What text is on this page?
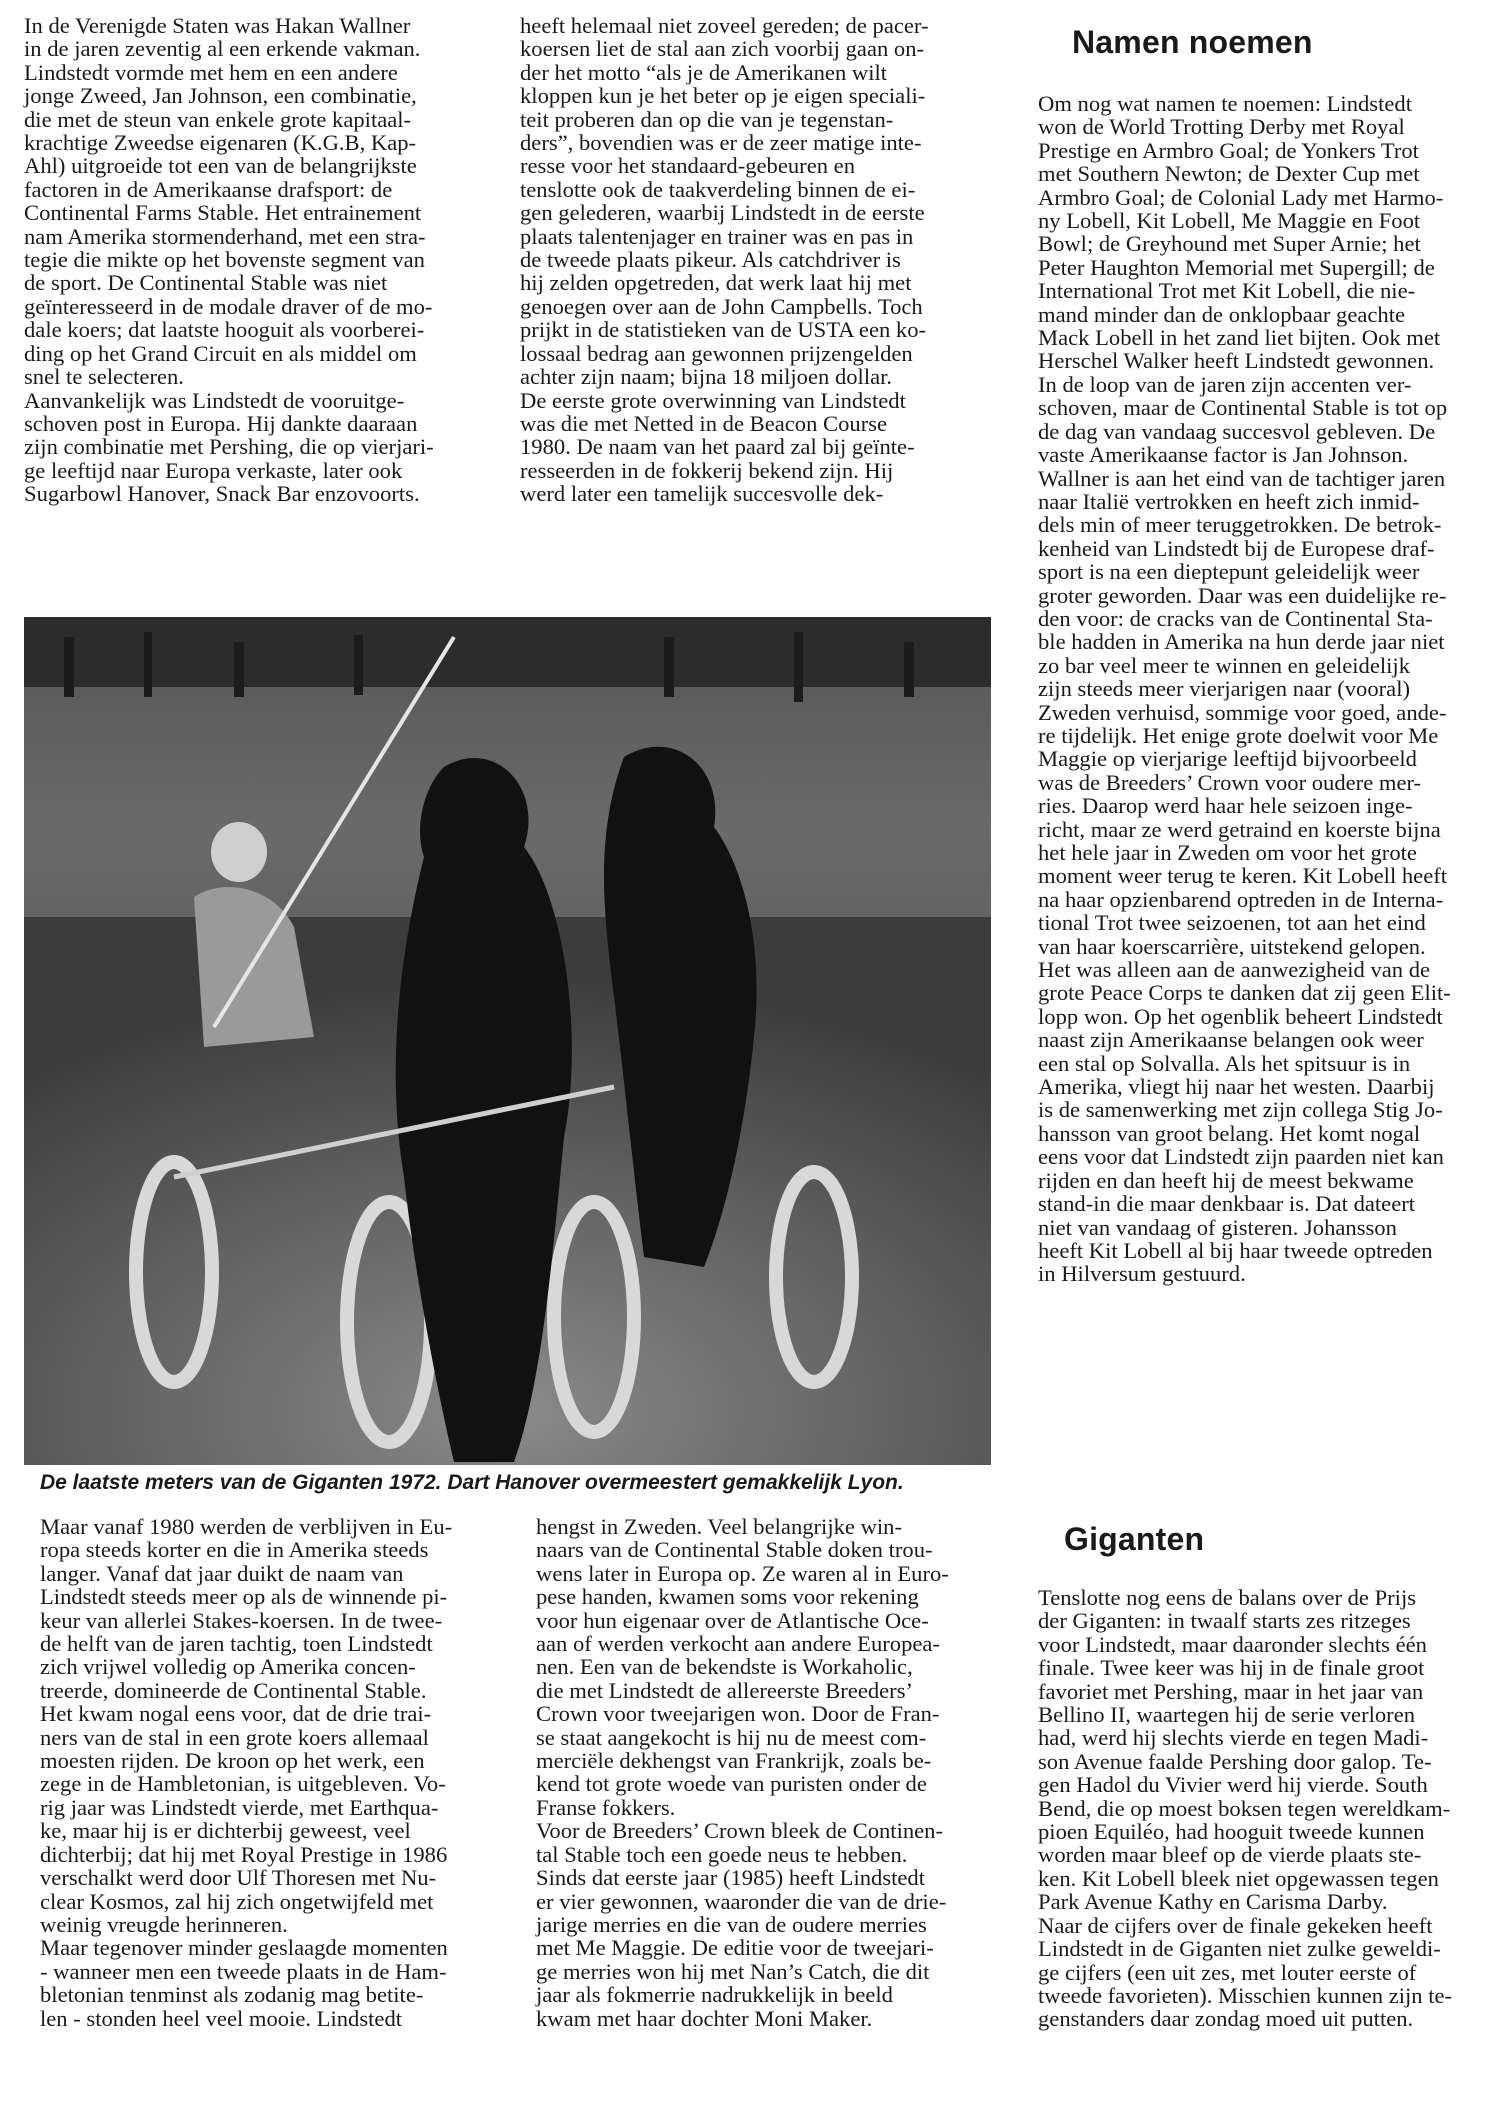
In de Verenigde Staten was Hakan Wallner

in de jaren zeventig al een erkende vakman.

Lindstedt vormde met hem en een andere

jonge Zweed, Jan Johnson, een combinatie,

die met de steun van enkele grote kapitaal-

krachtige Zweedse eigenaren (K.G.B, Kap-

Ahl) uitgroeide tot een van de belangrijkste

factoren in de Amerikaanse drafsport: de

Continental Farms Stable. Het entrainement

nam Amerika stormenderhand, met een stra-

tegie die mikte op het bovenste segment van

de sport. De Continental Stable was niet

geïnteresseerd in de modale draver of de mo-

dale koers; dat laatste hooguit als voorberei-

ding op het Grand Circuit en als middel om

snel te selecteren.

Aanvankelijk was Lindstedt de vooruitge-

schoven post in Europa. Hij dankte daaraan

zijn combinatie met Pershing, die op vierjari-

ge leeftijd naar Europa verkaste, later ook

Sugarbowl Hanover, Snack Bar enzovoorts.

heeft helemaal niet zoveel gereden; de pacer-

koersen liet de stal aan zich voorbij gaan on-

der het motto “als je de Amerikanen wilt

kloppen kun je het beter op je eigen speciali-

teit proberen dan op die van je tegenstan-

ders”, bovendien was er de zeer matige inte-

resse voor het standaard-gebeuren en

tenslotte ook de taakverdeling binnen de ei-

gen gelederen, waarbij Lindstedt in de eerste

plaats talentenjager en trainer was en pas in

de tweede plaats pikeur. Als catchdriver is

hij zelden opgetreden, dat werk laat hij met

genoegen over aan de John Campbells. Toch

prijkt in de statistieken van de USTA een ko-

lossaal bedrag aan gewonnen prijzengelden

achter zijn naam; bijna 18 miljoen dollar.

De eerste grote overwinning van Lindstedt

was die met Netted in de Beacon Course

1980. De naam van het paard zal bij geïnte-

resseerden in de fokkerij bekend zijn. Hij

werd later een tamelijk succesvolle dek-

Namen noemen

Om nog wat namen te noemen: Lindstedt

won de World Trotting Derby met Royal

Prestige en Armbro Goal; de Yonkers Trot

met Southern Newton; de Dexter Cup met

Armbro Goal; de Colonial Lady met Harmo-

ny Lobell, Kit Lobell, Me Maggie en Foot

Bowl; de Greyhound met Super Arnie; het

Peter Haughton Memorial met Supergill; de

International Trot met Kit Lobell, die nie-

mand minder dan de onklopbaar geachte

Mack Lobell in het zand liet bijten. Ook met

Herschel Walker heeft Lindstedt gewonnen.

In de loop van de jaren zijn accenten ver-

schoven, maar de Continental Stable is tot op

de dag van vandaag succesvol gebleven. De

vaste Amerikaanse factor is Jan Johnson.

Wallner is aan het eind van de tachtiger jaren

naar Italië vertrokken en heeft zich inmid-

dels min of meer teruggetrokken. De betrok-

kenheid van Lindstedt bij de Europese draf-

sport is na een dieptepunt geleidelijk weer

groter geworden. Daar was een duidelijke re-

den voor: de cracks van de Continental Sta-

ble hadden in Amerika na hun derde jaar niet

zo bar veel meer te winnen en geleidelijk

zijn steeds meer vierjarigen naar (vooral)

Zweden verhuisd, sommige voor goed, ande-

re tijdelijk. Het enige grote doelwit voor Me

Maggie op vierjarige leeftijd bijvoorbeeld

was de Breeders’ Crown voor oudere mer-

ries. Daarop werd haar hele seizoen inge-

richt, maar ze werd getraind en koerste bijna

het hele jaar in Zweden om voor het grote

moment weer terug te keren. Kit Lobell heeft

na haar opzienbarend optreden in de Interna-

tional Trot twee seizoenen, tot aan het eind

van haar koerscarrière, uitstekend gelopen.

Het was alleen aan de aanwezigheid van de

grote Peace Corps te danken dat zij geen Elit-

lopp won. Op het ogenblik beheert Lindstedt

naast zijn Amerikaanse belangen ook weer

een stal op Solvalla. Als het spitsuur is in

Amerika, vliegt hij naar het westen. Daarbij

is de samenwerking met zijn collega Stig Jo-

hansson van groot belang. Het komt nogal

eens voor dat Lindstedt zijn paarden niet kan

rijden en dan heeft hij de meest bekwame

stand-in die maar denkbaar is. Dat dateert

niet van vandaag of gisteren. Johansson

heeft Kit Lobell al bij haar tweede optreden

in Hilversum gestuurd.

Giganten

Tenslotte nog eens de balans over de Prijs

der Giganten: in twaalf starts zes ritzeges

voor Lindstedt, maar daaronder slechts één

finale. Twee keer was hij in de finale groot

favoriet met Pershing, maar in het jaar van

Bellino II, waartegen hij de serie verloren

had, werd hij slechts vierde en tegen Madi-

son Avenue faalde Pershing door galop. Te-

gen Hadol du Vivier werd hij vierde. South

Bend, die op moest boksen tegen wereldkam-

pioen Equiléo, had hooguit tweede kunnen

worden maar bleef op de vierde plaats ste-

ken. Kit Lobell bleek niet opgewassen tegen

Park Avenue Kathy en Carisma Darby.

Naar de cijfers over de finale gekeken heeft

Lindstedt in de Giganten niet zulke geweldi-

ge cijfers (een uit zes, met louter eerste of

tweede favorieten). Misschien kunnen zijn te-

genstanders daar zondag moed uit putten.

De laatste meters van de Giganten 1972. Dart Hanover overmeestert gemakkelijk Lyon.

Maar vanaf 1980 werden de verblijven in Eu-

ropa steeds korter en die in Amerika steeds

langer. Vanaf dat jaar duikt de naam van

Lindstedt steeds meer op als de winnende pi-

keur van allerlei Stakes-koersen. In de twee-

de helft van de jaren tachtig, toen Lindstedt

zich vrijwel volledig op Amerika concen-

treerde, domineerde de Continental Stable.

Het kwam nogal eens voor, dat de drie trai-

ners van de stal in een grote koers allemaal

moesten rijden. De kroon op het werk, een

zege in de Hambletonian, is uitgebleven. Vo-

rig jaar was Lindstedt vierde, met Earthqua-

ke, maar hij is er dichterbij geweest, veel

dichterbij; dat hij met Royal Prestige in 1986

verschalkt werd door Ulf Thoresen met Nu-

clear Kosmos, zal hij zich ongetwijfeld met

weinig vreugde herinneren.

Maar tegenover minder geslaagde momenten

- wanneer men een tweede plaats in de Ham-

bletonian tenminst als zodanig mag betite-

len - stonden heel veel mooie. Lindstedt

hengst in Zweden. Veel belangrijke win-

naars van de Continental Stable doken trou-

wens later in Europa op. Ze waren al in Euro-

pese handen, kwamen soms voor rekening

voor hun eigenaar over de Atlantische Oce-

aan of werden verkocht aan andere Europea-

nen. Een van de bekendste is Workaholic,

die met Lindstedt de allereerste Breeders’

Crown voor tweejarigen won. Door de Fran-

se staat aangekocht is hij nu de meest com-

merciële dekhengst van Frankrijk, zoals be-

kend tot grote woede van puristen onder de

Franse fokkers.

Voor de Breeders’ Crown bleek de Continen-

tal Stable toch een goede neus te hebben.

Sinds dat eerste jaar (1985) heeft Lindstedt

er vier gewonnen, waaronder die van de drie-

jarige merries en die van de oudere merries

met Me Maggie. De editie voor de tweejari-

ge merries won hij met Nan’s Catch, die dit

jaar als fokmerrie nadrukkelijk in beeld

kwam met haar dochter Moni Maker.
